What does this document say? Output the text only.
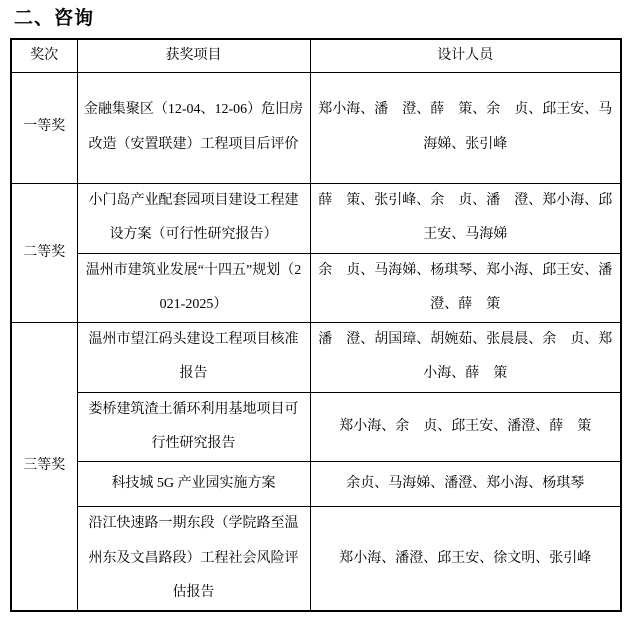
二、咨询
奖次	获奖项目	设计人员
一等奖	金融集聚区（12-04、12-06）危旧房改造（安置联建）工程项目后评价	郑小海、潘　澄、薛　策、余　贞、邱王安、马海娣、张引峰
二等奖	小门岛产业配套园项目建设工程建设方案（可行性研究报告）	薛　策、张引峰、余　贞、潘　澄、郑小海、邱王安、马海娣
	温州市建筑业发展“十四五”规划（2021-2025）	余　贞、马海娣、杨琪琴、郑小海、邱王安、潘　澄、薛　策
三等奖	温州市望江码头建设工程项目核准报告	潘　澄、胡国璋、胡婉茹、张晨晨、余　贞、郑小海、薛　策
	娄桥建筑渣土循环利用基地项目可行性研究报告	郑小海、余　贞、邱王安、潘澄、薛　策
	科技城 5G 产业园实施方案	余贞、马海娣、潘澄、郑小海、杨琪琴
	沿江快速路一期东段（学院路至温州东及文昌路段）工程社会风险评估报告	郑小海、潘澄、邱王安、徐文明、张引峰
